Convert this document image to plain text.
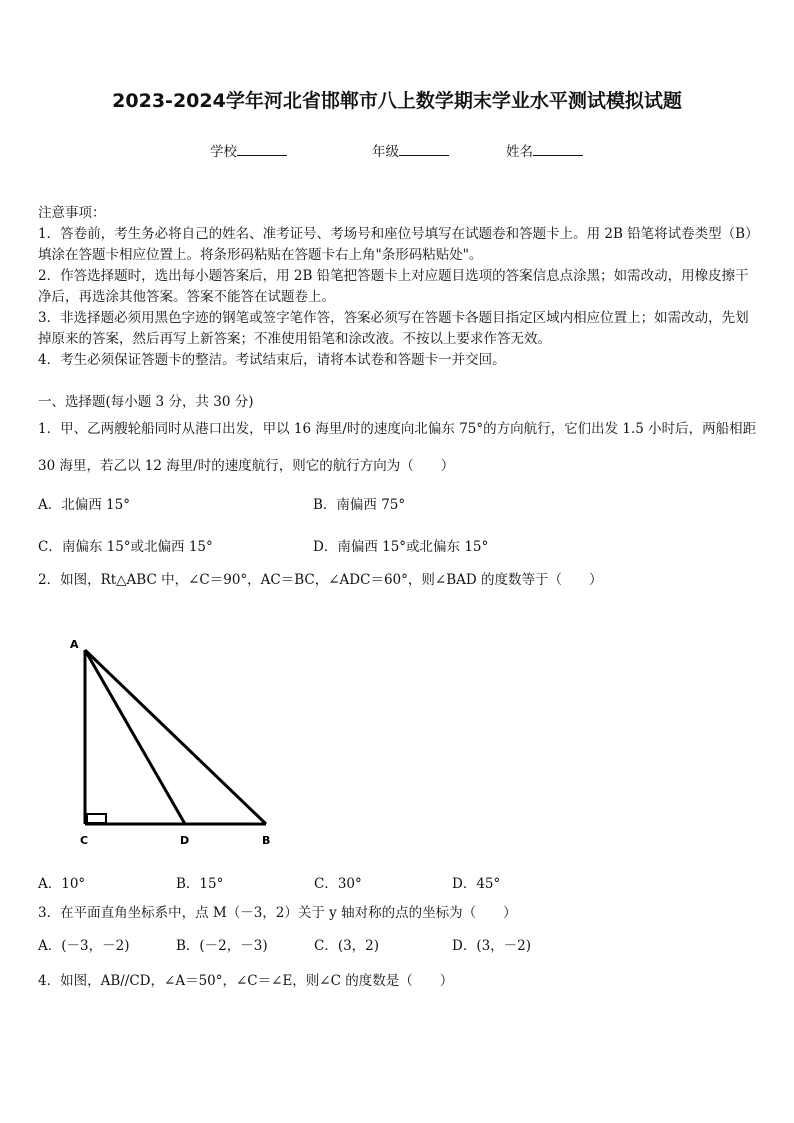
2023-2024学年河北省邯郸市八上数学期末学业水平测试模拟试题
学校	年级	姓名

注意事项：

1．答卷前，考生务必将自己的姓名、准考证号、考场号和座位号填写在试题卷和答题卡上。用 2B 铅笔将试卷类型（B）填涂在答题卡相应位置上。将条形码粘贴在答题卡右上角"条形码粘贴处"。

2．作答选择题时，选出每小题答案后，用 2B 铅笔把答题卡上对应题目选项的答案信息点涂黑；如需改动，用橡皮擦干净后，再选涂其他答案。答案不能答在试题卷上。

3．非选择题必须用黑色字迹的钢笔或签字笔作答，答案必须写在答题卡各题目指定区域内相应位置上；如需改动，先划掉原来的答案，然后再写上新答案；不准使用铅笔和涂改液。不按以上要求作答无效。

4．考生必须保证答题卡的整洁。考试结束后，请将本试卷和答题卡一并交回。

一、选择题(每小题 3 分，共 30 分)
1．甲、乙两艘轮船同时从港口出发，甲以 16 海里/时的速度向北偏东 75°的方向航行，它们出发 1.5 小时后，两船相距
30 海里，若乙以 12 海里/时的速度航行，则它的航行方向为（　　）
A．北偏西 15°	B．南偏西 75°
C．南偏东 15°或北偏西 15°	D．南偏西 15°或北偏东 15°
2．如图，Rt△ABC 中，∠C＝90°，AC＝BC，∠ADC＝60°，则∠BAD 的度数等于（　　）
A
C	D	B
A．10°	B．15°	C．30°	D．45°
3．在平面直角坐标系中，点 M（－3，2）关于 y 轴对称的点的坐标为（　　）
A．(－3，－2)	B．(－2，－3)	C．(3，2)	D．(3，－2)
4．如图，AB//CD，∠A＝50°，∠C＝∠E，则∠C 的度数是（　　）
